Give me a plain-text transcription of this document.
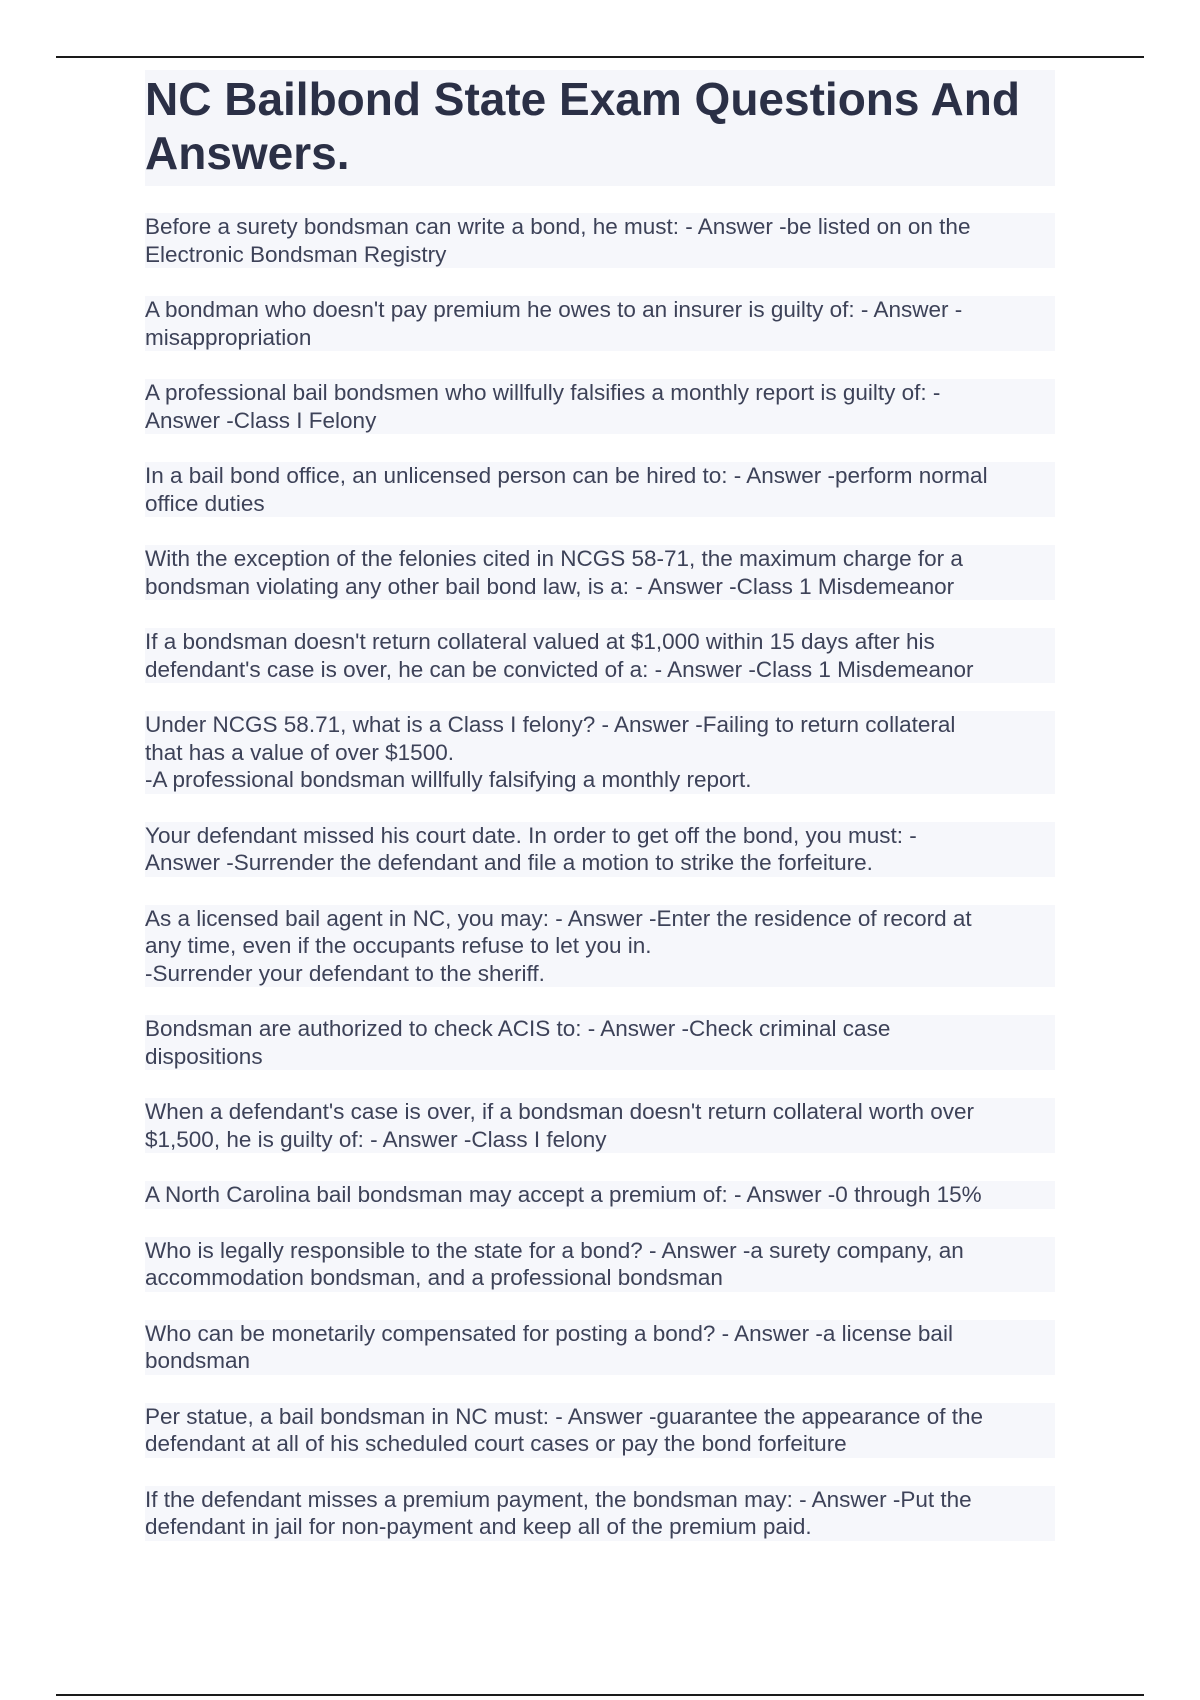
NC Bailbond State Exam Questions And Answers.
Before a surety bondsman can write a bond, he must: - Answer -be listed on on the
Electronic Bondsman Registry
A bondman who doesn't pay premium he owes to an insurer is guilty of: - Answer -
misappropriation
A professional bail bondsmen who willfully falsifies a monthly report is guilty of: -
Answer -Class I Felony
In a bail bond office, an unlicensed person can be hired to: - Answer -perform normal
office duties
With the exception of the felonies cited in NCGS 58-71, the maximum charge for a
bondsman violating any other bail bond law, is a: - Answer -Class 1 Misdemeanor
If a bondsman doesn't return collateral valued at $1,000 within 15 days after his
defendant's case is over, he can be convicted of a: - Answer -Class 1 Misdemeanor
Under NCGS 58.71, what is a Class I felony? - Answer -Failing to return collateral
that has a value of over $1500.
-A professional bondsman willfully falsifying a monthly report.
Your defendant missed his court date. In order to get off the bond, you must: -
Answer -Surrender the defendant and file a motion to strike the forfeiture.
As a licensed bail agent in NC, you may: - Answer -Enter the residence of record at
any time, even if the occupants refuse to let you in.
-Surrender your defendant to the sheriff.
Bondsman are authorized to check ACIS to: - Answer -Check criminal case
dispositions
When a defendant's case is over, if a bondsman doesn't return collateral worth over
$1,500, he is guilty of: - Answer -Class I felony
A North Carolina bail bondsman may accept a premium of: - Answer -0 through 15%
Who is legally responsible to the state for a bond? - Answer -a surety company, an
accommodation bondsman, and a professional bondsman
Who can be monetarily compensated for posting a bond? - Answer -a license bail
bondsman
Per statue, a bail bondsman in NC must: - Answer -guarantee the appearance of the
defendant at all of his scheduled court cases or pay the bond forfeiture
If the defendant misses a premium payment, the bondsman may: - Answer -Put the
defendant in jail for non-payment and keep all of the premium paid.
